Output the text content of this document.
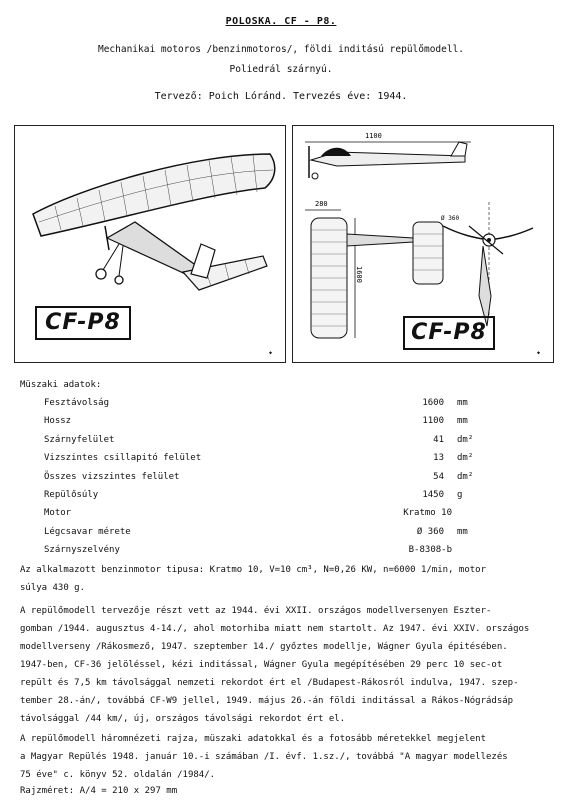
POLOSKA. CF - P8.
Mechanikai motoros /benzinmotoros/, földi inditású repülőmodell.
Poliedrál szárnyú.
Tervező: Poich Lóránd. Tervezés éve: 1944.
CF-P8
◆
1100
280
1600
Ø 360
CF-P8
◆
Müszaki adatok:
Fesztávolság	1600 mm
Hossz	1100 mm
Szárnyfelület	41 dm²
Vizszintes csillapitó felület	13 dm²
Összes vizszintes felület	54 dm²
Repülősúly	1450 g
Motor	Kratmo 10
Légcsavar mérete	Ø 360 mm
Szárnyszelvény	B-8308-b
Az alkalmazott benzinmotor tipusa: Kratmo 10, V=10 cm³, N=0,26 KW, n=6000 1/min, motor
súlya 430 g.
A repülőmodell tervezője részt vett az 1944. évi XXII. országos modellversenyen Eszter-
gomban /1944. augusztus 4-14./, ahol motorhiba miatt nem startolt. Az 1947. évi XXIV. országos
modellverseny /Rákosmező, 1947. szeptember 14./ győztes modellje, Wágner Gyula épitésében.
1947-ben, CF-36 jelöléssel, kézi inditással, Wágner Gyula megépítésében 29 perc 10 sec-ot
repült és 7,5 km távolsággal nemzeti rekordot ért el /Budapest-Rákosról indulva, 1947. szep-
tember 28.-án/, továbbá CF-W9 jellel, 1949. május 26.-án földi inditással a Rákos-Nógrádsáp
távolsággal /44 km/, új, országos távolsági rekordot ért el.
A repülőmodell háromnézeti rajza, müszaki adatokkal és a fotosább méretekkel megjelent
a Magyar Repülés 1948. január 10.-i számában /I. évf. 1.sz./, továbbá "A magyar modellezés
75 éve" c. könyv 52. oldalán /1984/.
Rajzméret: A/4 = 210 x 297 mm
